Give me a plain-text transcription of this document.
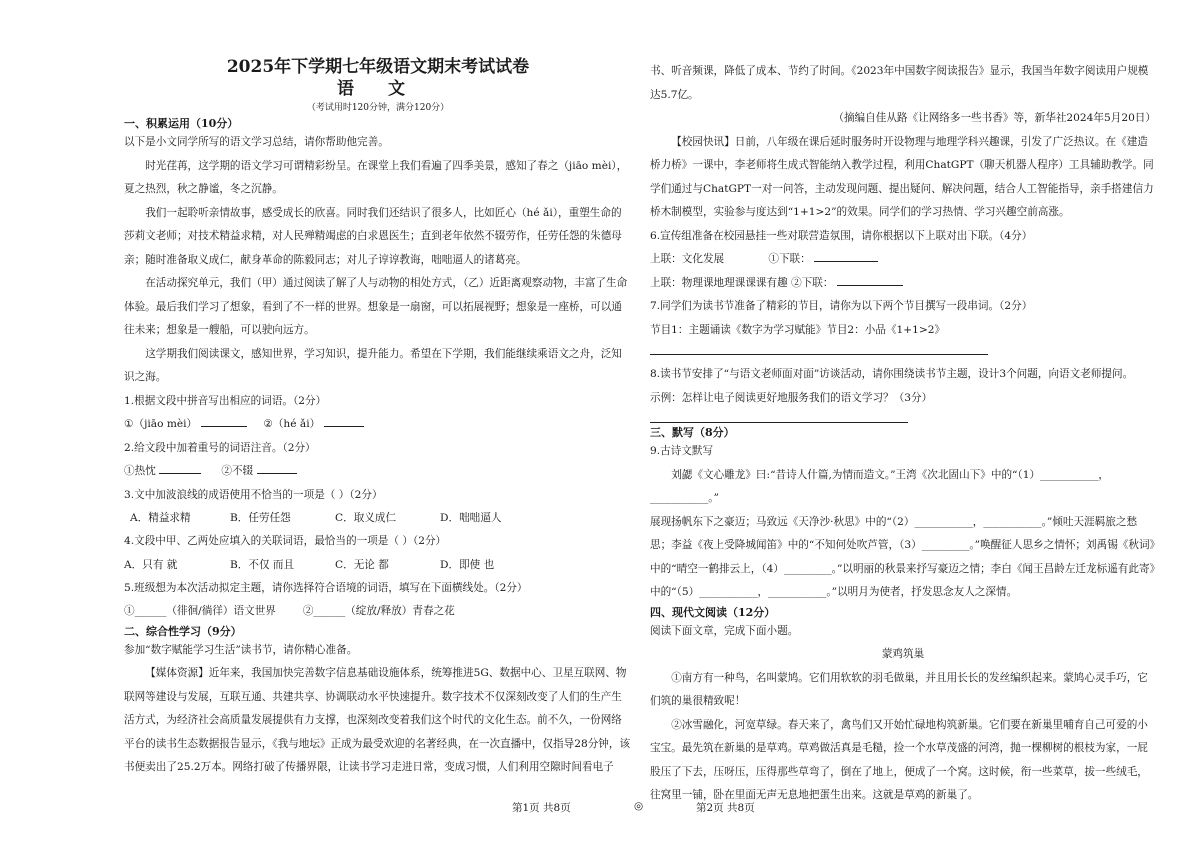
2025年下学期七年级语文期末考试试卷

语 文

（考试用时120分钟，满分120分）

一、积累运用（10分）

以下是小文同学所写的语文学习总结，请你帮助他完善。

时光荏苒，这学期的语文学习可谓精彩纷呈。在课堂上我们看遍了四季美景，感知了春之（jiāo mèi），夏之热烈，秋之静谧，冬之沉静。

我们一起聆听亲情故事，感受成长的欣喜。同时我们还结识了很多人，比如匠心（hé ǎi），重塑生命的莎莉文老师；对技术精益求精，对人民殚精竭虑的白求恩医生；直到老年依然不辍劳作，任劳任怨的朱德母亲；随时准备取义成仁，献身革命的陈毅同志；对儿子谆谆教诲，咄咄逼人的诸葛亮。

在活动探究单元，我们（甲）通过阅读了解了人与动物的相处方式，（乙）近距离观察动物，丰富了生命体验。最后我们学习了想象，看到了不一样的世界。想象是一扇窗，可以拓展视野；想象是一座桥，可以通往未来；想象是一艘船，可以驶向远方。

这学期我们阅读课文，感知世界，学习知识，提升能力。希望在下学期，我们能继续乘语文之舟，泛知识之海。

1.根据文段中拼音写出相应的词语。（2分）

①（jiāo mèi）	②（hé ǎi）

2.给文段中加着重号的词语注音。（2分）

①热忱	②不辍

3.文中加波浪线的成语使用不恰当的一项是（ ）（2分）

A．精益求精	B．任劳任怨	C．取义成仁	D．咄咄逼人

4.文段中甲、乙两处应填入的关联词语，最恰当的一项是（ ）（2分）

A．只有 就	B．不仅 而且	C．无论 都	D．即使 也

5.班级想为本次活动拟定主题，请你选择符合语境的词语，填写在下面横线处。（2分）

①______（徘徊/徜徉）语文世界	②______（绽放/释放）青春之花

二、综合性学习（9分）

参加“数字赋能学习生活”读书节，请你精心准备。

【媒体资源】近年来，我国加快完善数字信息基础设施体系，统筹推进5G、数据中心、卫星互联网、物联网等建设与发展，互联互通、共建共享、协调联动水平快速提升。数字技术不仅深刻改变了人们的生产生活方式，为经济社会高质量发展提供有力支撑，也深刻改变着我们这个时代的文化生态。前不久，一份网络平台的读书生态数据报告显示，《我与地坛》正成为最受欢迎的名著经典，在一次直播中，仅指导28分钟，该书便卖出了25.2万本。网络打破了传播界限，让读书学习走进日常，变成习惯，人们利用空隙时间看电子

书、听音频课，降低了成本、节约了时间。《2023年中国数字阅读报告》显示，我国当年数字阅读用户规模达5.7亿。

（摘编自佳从路《让网络多一些书香》等，新华社2024年5月20日）

【校园快讯】日前，八年级在课后延时服务时开设物理与地理学科兴趣课，引发了广泛热议。在《建造桥力桥》一课中，李老师将生成式智能纳入教学过程，利用ChatGPT（聊天机器人程序）工具辅助教学。同学们通过与ChatGPT一对一问答，主动发现问题、提出疑问、解决问题，结合人工智能指导，亲手搭建信力桥木制模型，实验参与度达到“1+1>2”的效果。同学们的学习热情、学习兴趣空前高涨。

6.宣传组准备在校园悬挂一些对联营造氛围，请你根据以下上联对出下联。（4分）

上联：文化发展	①下联：

上联：物理课地理课课课有趣 ②下联：

7.同学们为读书节准备了精彩的节目，请你为以下两个节目撰写一段串词。（2分）

节目1：主题诵读《数字为学习赋能》节目2：小品《1+1>2》

8.读书节安排了“与语文老师面对面”访谈活动，请你围绕读书节主题，设计3个问题，向语文老师提问。

示例：怎样让电子阅读更好地服务我们的语文学习？（3分）

三、默写（8分）

9.古诗文默写

刘勰《文心雕龙》曰:“昔诗人什篇,为情而造文。”王湾《次北固山下》中的“（1）___________，___________。”

展现扬帆东下之豪迈；马致远《天净沙·秋思》中的“（2）___________，___________。”倾吐天涯羁旅之愁

思；李益《夜上受降城闻笛》中的“不知何处吹芦管，（3）_________。”唤醒征人思乡之情怀；刘禹锡《秋词》

中的“晴空一鹤排云上，（4）_________。”以明丽的秋景来抒写豪迈之情；李白《闻王昌龄左迁龙标遥有此寄》

中的“（5）___________，___________。”以明月为使者，抒发思念友人之深情。

四、现代文阅读（12分）

阅读下面文章，完成下面小题。

蒙鸡筑巢

①南方有一种鸟，名叫蒙鸠。它们用软软的羽毛做巢，并且用长长的发丝编织起来。蒙鸠心灵手巧，它们筑的巢很精致呢！

②冰雪融化，河宽草绿。春天来了，禽鸟们又开始忙碌地构筑新巢。它们要在新巢里哺育自己可爱的小宝宝。最先筑在新巢的是草鸡。草鸡做活真是毛糙，捡一个水草茂盛的河湾，抛一棵柳树的根枝为家，一屁股压了下去，压呀压，压得那些草弯了，倒在了地上，便成了一个窝。这时候，衔一些菜草，拔一些绒毛，往窝里一铺，卧在里面无声无息地把蛋生出来。这就是草鸡的新巢了。

第1页 共8页	◎	第2页 共8页
